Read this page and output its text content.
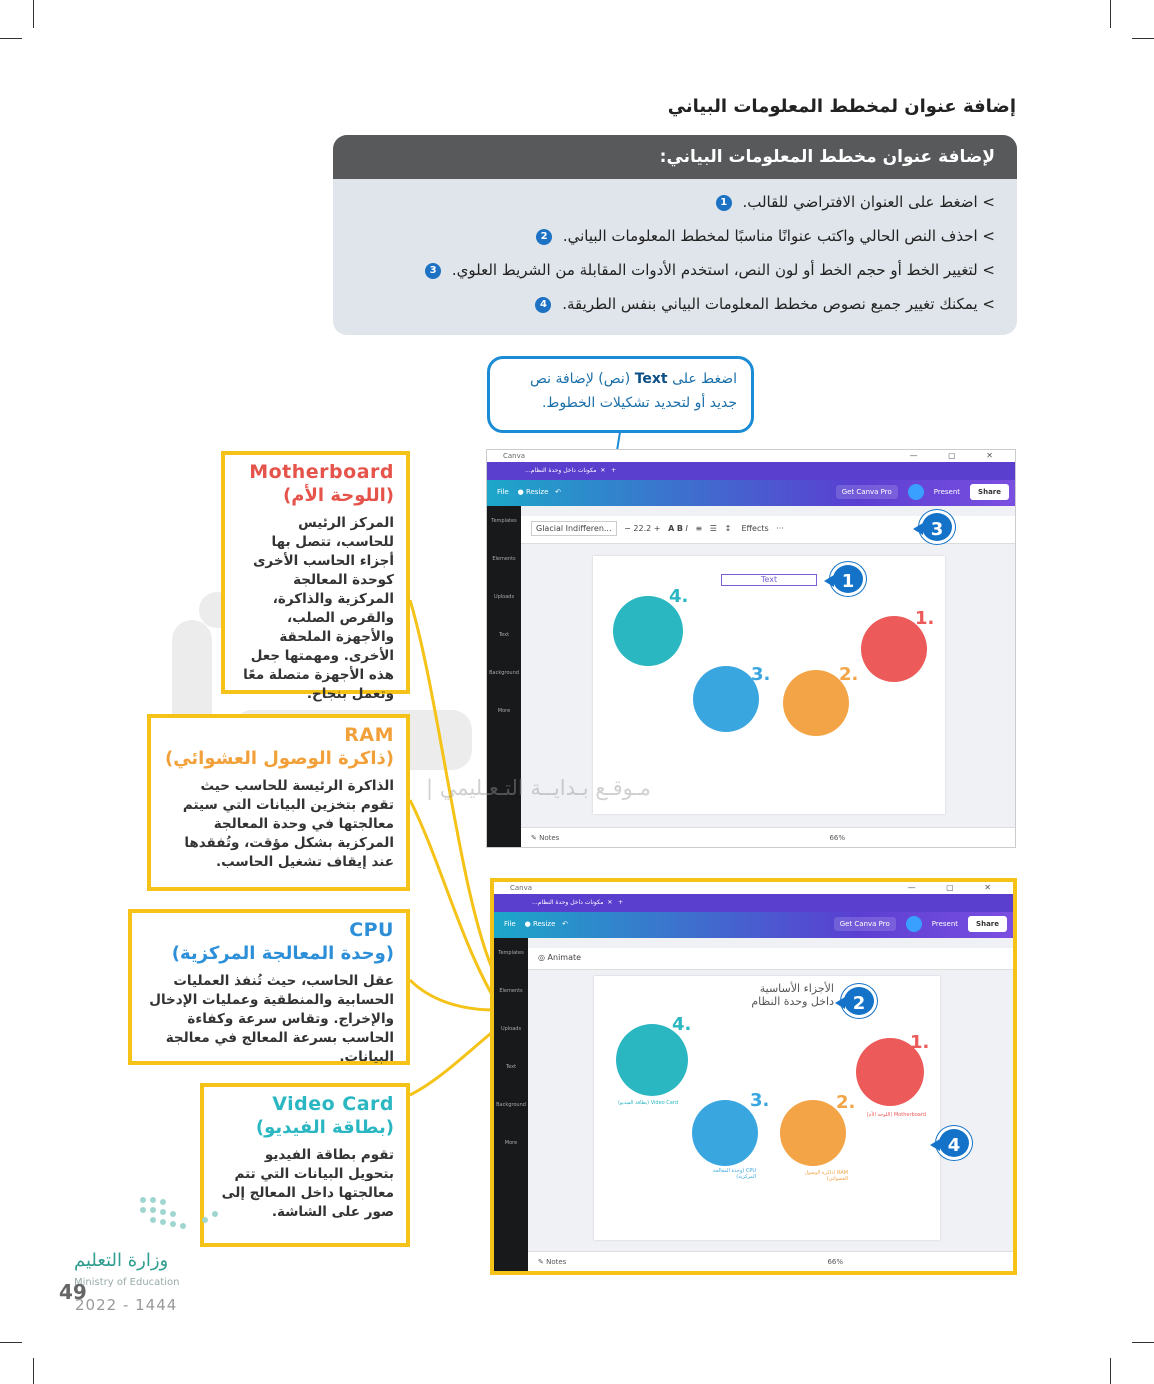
إضافة عنوان لمخطط المعلومات البياني
لإضافة عنوان مخطط المعلومات البياني:
> اضغط على العنوان الافتراضي للقالب. 1
> احذف النص الحالي واكتب عنوانًا مناسبًا لمخطط المعلومات البياني. 2
> لتغيير الخط أو حجم الخط أو لون النص، استخدم الأدوات المقابلة من الشريط العلوي. 3
> يمكنك تغيير جميع نصوص مخطط المعلومات البياني بنفس الطريقة. 4
اضغط على Text (نص) لإضافة نص جديد أو لتحديد تشكيلات الخطوط.
Motherboard
(اللوحة الأم)
المركز الرئيس للحاسب، تتصل بها أجزاء الحاسب الأخرى كوحدة المعالجة المركزية والذاكرة، والقرص الصلب، والأجهزة الملحقة الأخرى. ومهمتها جعل هذه الأجهزة متصلة معًا وتعمل بنجاح.
RAM
(ذاكرة الوصول العشوائي)
الذاكرة الرئيسة للحاسب حيث تقوم بتخزين البيانات التي سيتم معالجتها في وحدة المعالجة المركزية بشكل مؤقت، وتُفقدها عند إيقاف تشغيل الحاسب.
CPU
(وحدة المعالجة المركزية)
عقل الحاسب، حيث تُنفذ العمليات الحسابية والمنطقية وعمليات الإدخال والإخراج. وتقاس سرعة وكفاءة الحاسب بسرعة المعالج في معالجة البيانات.
Video Card
(بطاقة الفيديو)
تقوم بطاقة الفيديو بتحويل البيانات التي تتم معالجتها داخل المعالج إلى صور على الشاشة.
Canva	— ▢ ✕
...مكونات داخل وحدة النظام  ✕   +
File    ● Resize   ↶	Get Canva Pro	Present	Share
Templates
Elements
Uploads
Text
Background
More
Glacial Indifferen...   − 22.2 +   A B I   ≡   ☰   ↕    Effects   ···
Text
4.
1.
3.	2.
✎ Notes	66%
1
3
Canva	— ▢ ✕
...مكونات داخل وحدة النظام  ✕   +
File    ● Resize   ↶	Get Canva Pro	Present	Share
Templates
Elements
Uploads
Text
Background
More
◎ Animate
الأجزاء الأساسية داخل وحدة النظام
4.
1.
3.	2.
Video Card (بطاقة الفيديو)
Motherboard (اللوحة الأم)
CPU (وحدة المعالجة المركزية)
RAM (ذاكرة الوصول العشوائي)
✎ Notes	66%
2
4
مـوقـع بـدايــة التـعـليمي |
وزارة التعليم
Ministry of Education
49
2022 - 1444
